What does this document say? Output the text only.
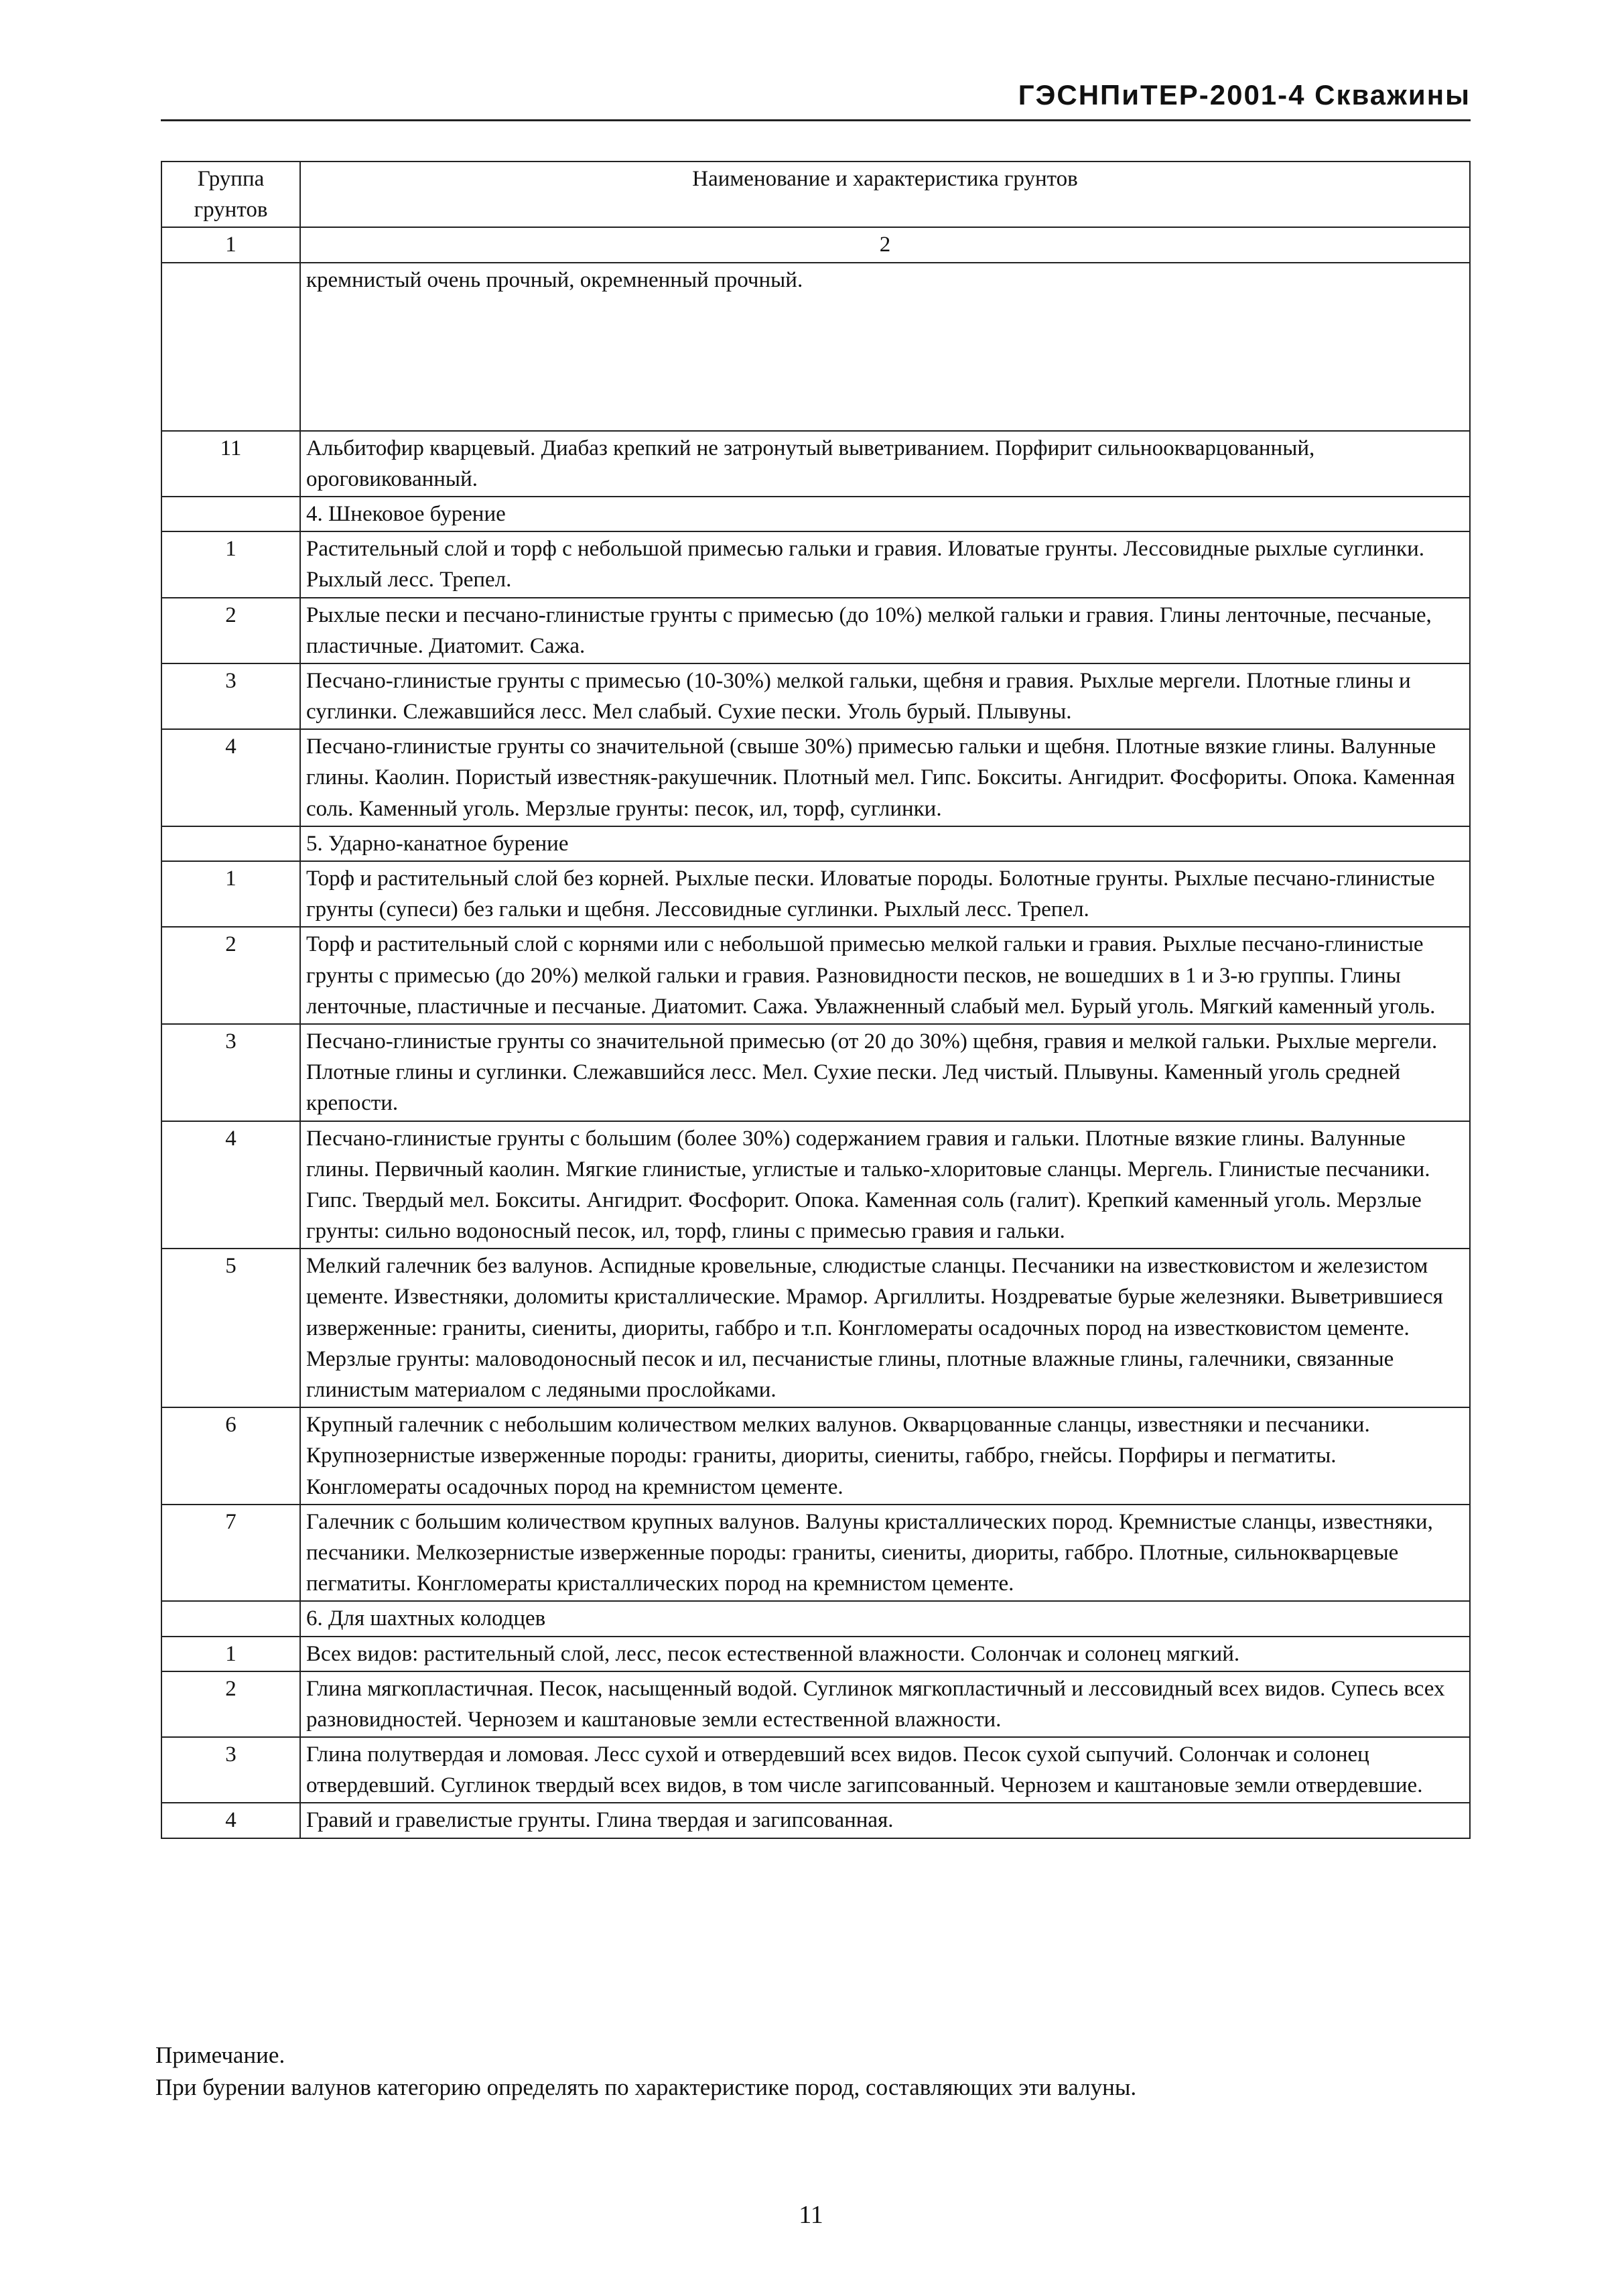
ГЭСНПиТЕР-2001-4 Скважины
Группа грунтов	Наименование и характеристика грунтов
1	2
	кремнистый очень прочный, окремненный прочный.
11	Альбитофир кварцевый. Диабаз крепкий не затронутый выветриванием. Порфирит сильноокварцованный, ороговикованный.
	4. Шнековое бурение
1	Растительный слой и торф с небольшой примесью гальки и гравия. Иловатые грунты. Лессовидные рыхлые суглинки. Рыхлый лесс. Трепел.
2	Рыхлые пески и песчано-глинистые грунты с примесью (до 10%) мелкой гальки и гравия. Глины ленточные, песчаные, пластичные. Диатомит. Сажа.
3	Песчано-глинистые грунты с примесью (10-30%) мелкой гальки, щебня и гравия. Рыхлые мергели. Плотные глины и суглинки. Слежавшийся лесс. Мел слабый. Сухие пески. Уголь бурый. Плывуны.
4	Песчано-глинистые грунты со значительной (свыше 30%) примесью гальки и щебня. Плотные вязкие глины. Валунные глины. Каолин. Пористый известняк-ракушечник. Плотный мел. Гипс. Бокситы. Ангидрит. Фосфориты. Опока. Каменная соль. Каменный уголь. Мерзлые грунты: песок, ил, торф, суглинки.
	5. Ударно-канатное бурение
1	Торф и растительный слой без корней. Рыхлые пески. Иловатые породы. Болотные грунты. Рыхлые песчано-глинистые грунты (супеси) без гальки и щебня. Лессовидные суглинки. Рыхлый лесс. Трепел.
2	Торф и растительный слой с корнями или с небольшой примесью мелкой гальки и гравия. Рыхлые песчано-глинистые грунты с примесью (до 20%) мелкой гальки и гравия. Разновидности песков, не вошедших в 1 и 3-ю группы. Глины ленточные, пластичные и песчаные. Диатомит. Сажа. Увлажненный слабый мел. Бурый уголь. Мягкий каменный уголь.
3	Песчано-глинистые грунты со значительной примесью (от 20 до 30%) щебня, гравия и мелкой гальки. Рыхлые мергели. Плотные глины и суглинки. Слежавшийся лесс. Мел. Сухие пески. Лед чистый. Плывуны. Каменный уголь средней крепости.
4	Песчано-глинистые грунты с большим (более 30%) содержанием гравия и гальки. Плотные вязкие глины. Валунные глины. Первичный каолин. Мягкие глинистые, углистые и талько-хлоритовые сланцы. Мергель. Глинистые песчаники. Гипс. Твердый мел. Бокситы. Ангидрит. Фосфорит. Опока. Каменная соль (галит). Крепкий каменный уголь. Мерзлые грунты: сильно водоносный песок, ил, торф, глины с примесью гравия и гальки.
5	Мелкий галечник без валунов. Аспидные кровельные, слюдистые сланцы. Песчаники на известковистом и железистом цементе. Известняки, доломиты кристаллические. Мрамор. Аргиллиты. Ноздреватые бурые железняки. Выветрившиеся изверженные: граниты, сиениты, диориты, габбро и т.п. Конгломераты осадочных пород на известковистом цементе. Мерзлые грунты: маловодоносный песок и ил, песчанистые глины, плотные влажные глины, галечники, связанные глинистым материалом с ледяными прослойками.
6	Крупный галечник с небольшим количеством мелких валунов. Окварцованные сланцы, известняки и песчаники. Крупнозернистые изверженные породы: граниты, диориты, сиениты, габбро, гнейсы. Порфиры и пегматиты. Конгломераты осадочных пород на кремнистом цементе.
7	Галечник с большим количеством крупных валунов. Валуны кристаллических пород. Кремнистые сланцы, известняки, песчаники. Мелкозернистые изверженные породы: граниты, сиениты, диориты, габбро. Плотные, сильнокварцевые пегматиты. Конгломераты кристаллических пород на кремнистом цементе.
	6. Для шахтных колодцев
1	Всех видов: растительный слой, лесс, песок естественной влажности. Солончак и солонец мягкий.
2	Глина мягкопластичная. Песок, насыщенный водой. Суглинок мягкопластичный и лессовидный всех видов. Супесь всех разновидностей. Чернозем и каштановые земли естественной влажности.
3	Глина полутвердая и ломовая. Лесс сухой и отвердевший всех видов. Песок сухой сыпучий. Солончак и солонец отвердевший. Суглинок твердый всех видов, в том числе загипсованный. Чернозем и каштановые земли отвердевшие.
4	Гравий и гравелистые грунты. Глина твердая и загипсованная.
Примечание.
При бурении валунов категорию определять по характеристике пород, составляющих эти валуны.
11
